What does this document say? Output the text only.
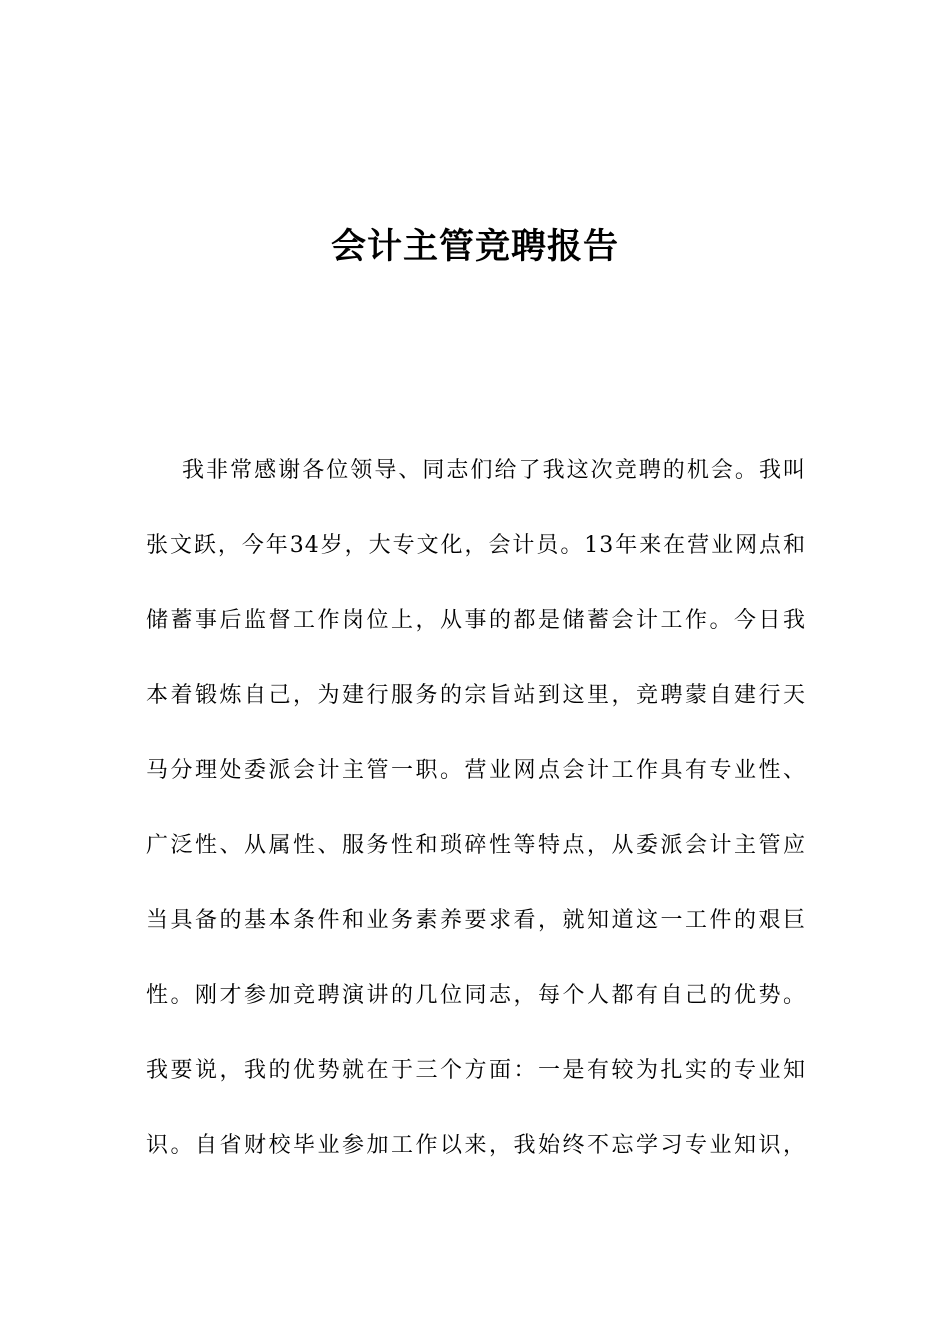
会计主管竞聘报告
我非常感谢各位领导、同志们给了我这次竞聘的机会。我叫
张文跃，今年34岁，大专文化，会计员。13年来在营业网点和
储蓄事后监督工作岗位上，从事的都是储蓄会计工作。今日我
本着锻炼自己，为建行服务的宗旨站到这里，竞聘蒙自建行天
马分理处委派会计主管一职。营业网点会计工作具有专业性、
广泛性、从属性、服务性和琐碎性等特点，从委派会计主管应
当具备的基本条件和业务素养要求看，就知道这一工件的艰巨
性。刚才参加竞聘演讲的几位同志，每个人都有自己的优势。
我要说，我的优势就在于三个方面：一是有较为扎实的专业知
识。自省财校毕业参加工作以来，我始终不忘学习专业知识，
